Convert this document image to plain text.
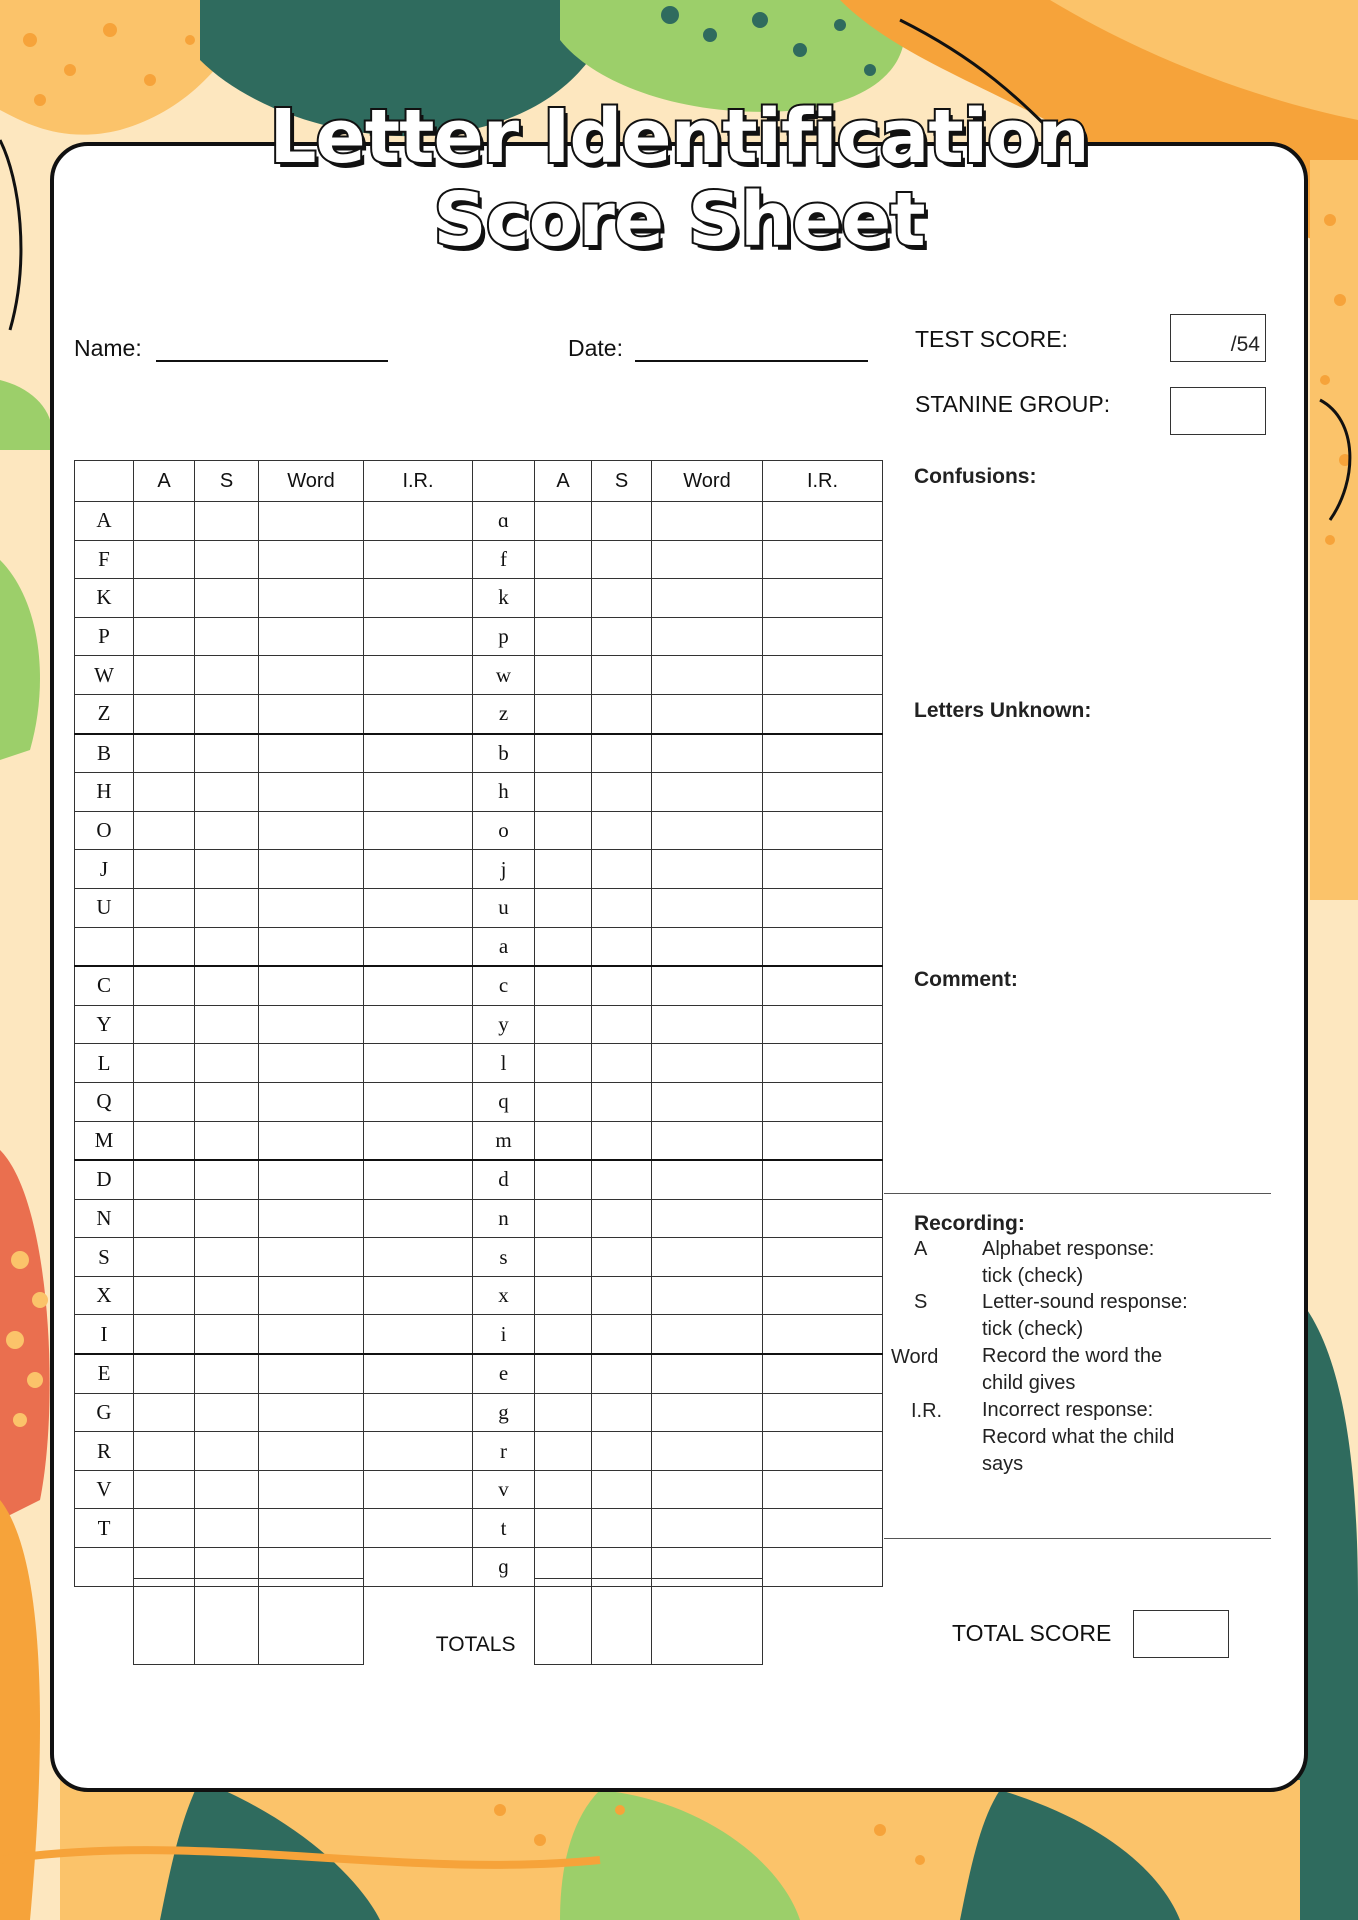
Letter Identification
Score Sheet
Name:	Date:	TEST SCORE:	/54
STANINE GROUP:
	A	S	Word	I.R.		A	S	Word	I.R.
A					ɑ				
F					f				
K					k				
P					p				
W					w				
Z					z				
B					b				
H					h				
O					o				
J					j				
U					u				
					a				
C					c				
Y					y				
L					l				
Q					q				
M					m				
D					d				
N					n				
S					s				
X					x				
I					i				
E					e				
G					g				
R					r				
V					v				
T					t				
					ɡ				
				TOTALS				
Confusions:
Letters Unknown:
Comment:
Recording:
A	Alphabet response:
tick (check)
S	Letter-sound response:
tick (check)
Word Record the word the
child gives
I.R. Incorrect response:
Record what the child
says
TOTAL SCORE
